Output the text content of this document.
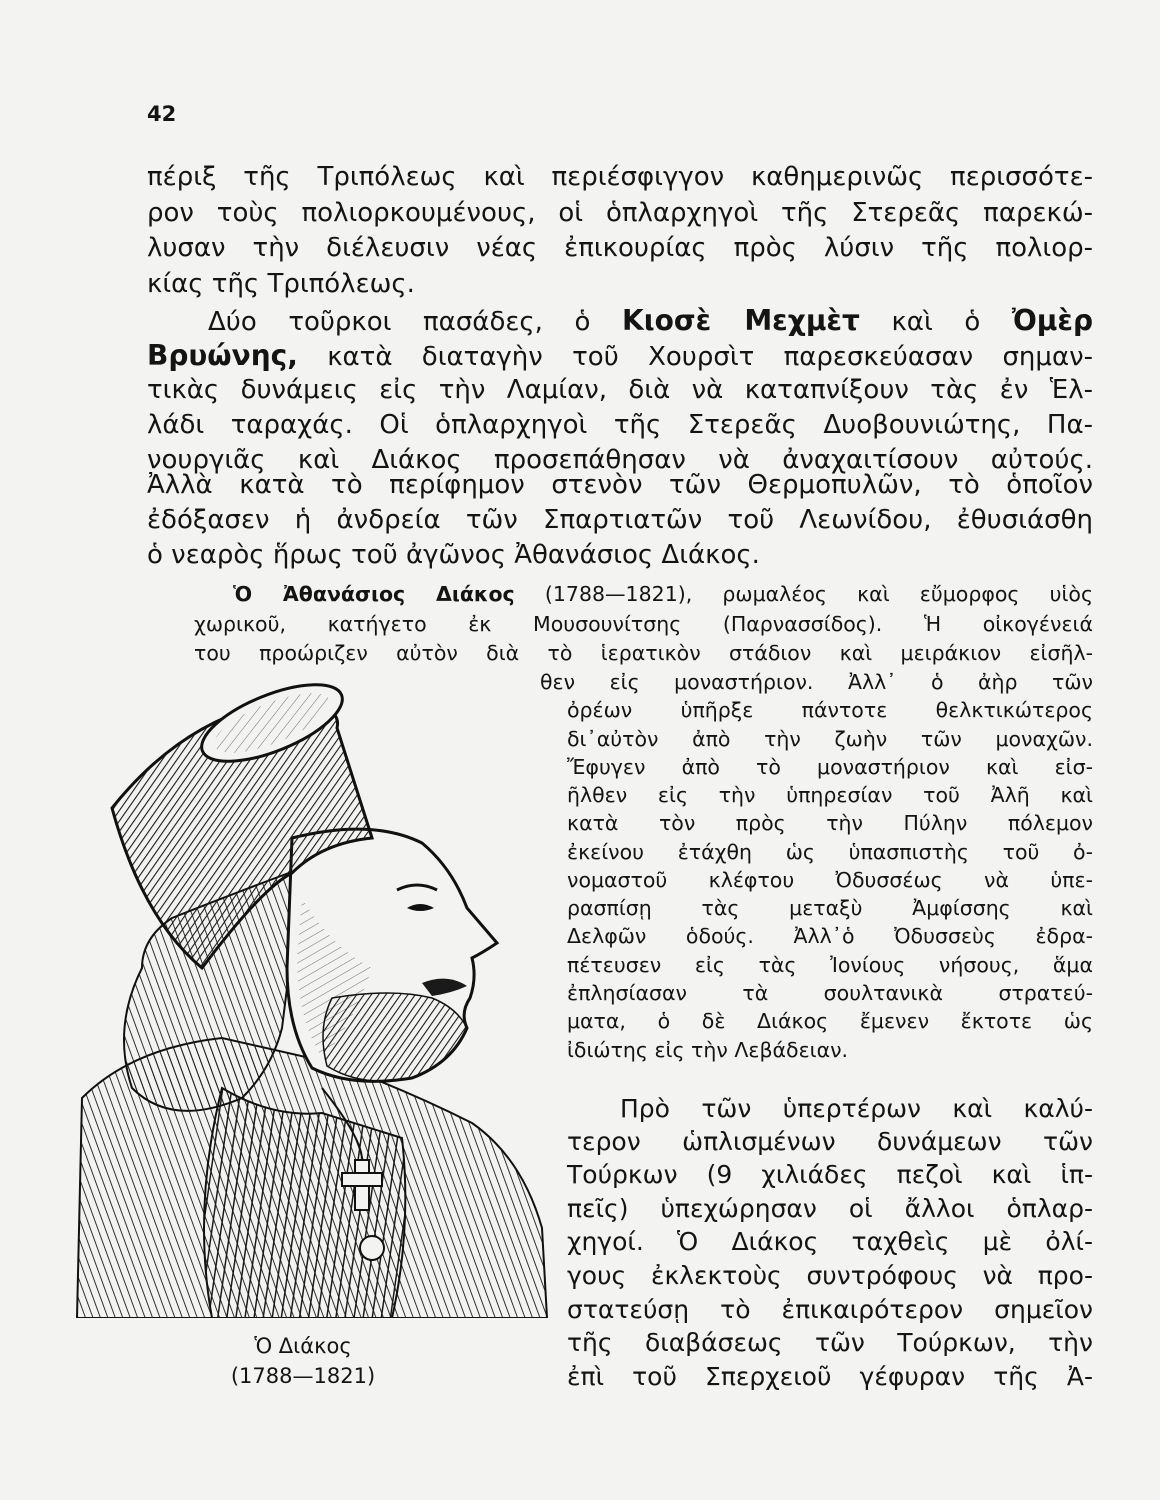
42
πέριξ τῆς Τριπόλεως καὶ περιέσφιγγον καθημερινῶς περισσότε-
ρον τοὺς πολιορκουμένους, οἱ ὁπλαρχηγοὶ τῆς Στερεᾶς παρεκώ-
λυσαν τὴν διέλευσιν νέας ἐπικουρίας πρὸς λύσιν τῆς πολιορ-
κίας τῆς Τριπόλεως.
Δύο τοῦρκοι πασάδες, ὁ Κιοσὲ Μεχμὲτ καὶ ὁ Ὀμὲρ
Βρυώνης, κατὰ διαταγὴν τοῦ Χουρσὶτ παρεσκεύασαν σημαν-
τικὰς δυνάμεις εἰς τὴν Λαμίαν, διὰ νὰ καταπνίξουν τὰς ἐν Ἑλ-
λάδι ταραχάς. Οἱ ὁπλαρχηγοὶ τῆς Στερεᾶς Δυοβουνιώτης, Πα-
νουργιᾶς καὶ Διάκος προσεπάθησαν νὰ ἀναχαιτίσουν αὐτούς.
Ἀλλὰ κατὰ τὸ περίφημον στενὸν τῶν Θερμοπυλῶν, τὸ ὁποῖον
ἐδόξασεν ἡ ἀνδρεία τῶν Σπαρτιατῶν τοῦ Λεωνίδου, ἐθυσιάσθη
ὁ νεαρὸς ἥρως τοῦ ἀγῶνος Ἀθανάσιος Διάκος.
Ὁ Ἀθανάσιος Διάκος (1788—1821), ρωμαλέος καὶ εὔμορφος υἱὸς
χωρικοῦ, κατήγετο ἐκ Μουσουνίτσης (Παρνασσίδος). Ἡ οἰκογένειά
του προώριζεν αὐτὸν διὰ τὸ ἱερατικὸν στάδιον καὶ μειράκιον εἰσῆλ-
θεν εἰς μοναστήριον. Ἀλλ᾽ ὁ ἀὴρ τῶν
ὀρέων ὑπῆρξε πάντοτε θελκτικώτερος
δι᾽αὐτὸν ἀπὸ τὴν ζωὴν τῶν μοναχῶν.
Ἔφυγεν ἀπὸ τὸ μοναστήριον καὶ εἰσ-
ῆλθεν εἰς τὴν ὑπηρεσίαν τοῦ Ἀλῆ καὶ
κατὰ τὸν πρὸς τὴν Πύλην πόλεμον
ἐκείνου ἐτάχθη ὡς ὑπασπιστὴς τοῦ ὀ-
νομαστοῦ κλέφτου Ὀδυσσέως νὰ ὑπε-
ρασπίσῃ τὰς μεταξὺ Ἀμφίσσης καὶ
Δελφῶν ὁδούς. Ἀλλ᾽ὁ Ὀδυσσεὺς ἐδρα-
πέτευσεν εἰς τὰς Ἰονίους νήσους, ἅμα
ἐπλησίασαν τὰ σουλτανικὰ στρατεύ-
ματα, ὁ δὲ Διάκος ἔμενεν ἔκτοτε ὡς
ἰδιώτης εἰς τὴν Λεβάδειαν.
Πρὸ τῶν ὑπερτέρων καὶ καλύ-
τερον ὡπλισμένων δυνάμεων τῶν
Τούρκων (9 χιλιάδες πεζοὶ καὶ ἱπ-
πεῖς) ὑπεχώρησαν οἱ ἄλλοι ὁπλαρ-
χηγοί. Ὁ Διάκος ταχθεὶς μὲ ὀλί-
γους ἐκλεκτοὺς συντρόφους νὰ προ-
στατεύσῃ τὸ ἐπικαιρότερον σημεῖον
τῆς διαβάσεως τῶν Τούρκων, τὴν
ἐπὶ τοῦ Σπερχειοῦ γέφυραν τῆς Ἀ-
Ὁ Διάκος
(1788—1821)
